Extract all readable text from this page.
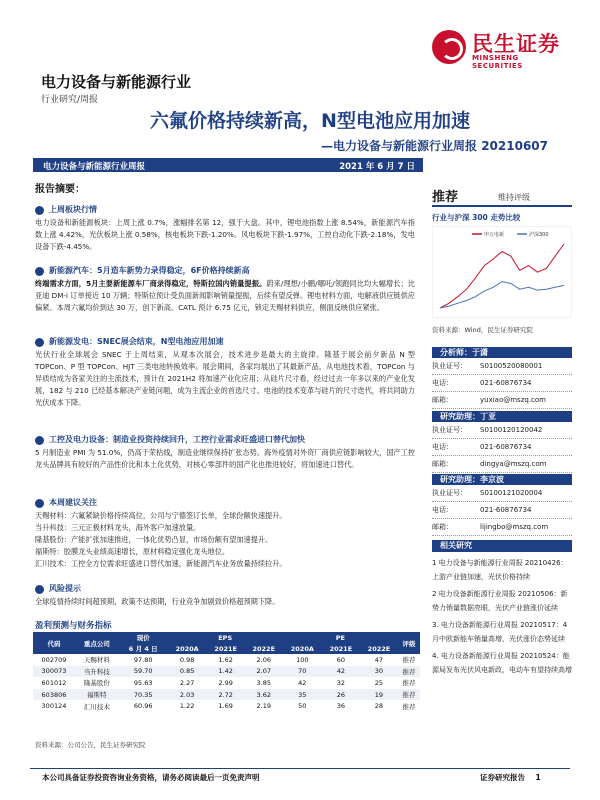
民生证券
MINSHENG SECURITIES
电力设备与新能源行业
行业研究/周报
六氟价格持续新高，N型电池应用加速
—电力设备与新能源行业周报 20210607
电力设备与新能源行业周报	2021 年 6 月 7 日
报告摘要：
上周板块行情

电力设备和新能源板块：上周上涨 0.7%，涨幅排名第 12，强于大盘。其中，锂电池指数上涨 8.54%，新能源汽车指数上涨 4.42%，光伏板块上涨 0.58%，核电板块下跌-1.20%。风电板块下跌-1.97%，工控自动化下跌-2.18%，发电设备下跌-4.45%。

新能源汽车：5月造车新势力录得稳定，6F价格持续新高

终端需求方面，5月主要新能源车厂商录得稳定，特斯拉国内销量提振。蔚来/理想/小鹏/哪吒/领跑同比均大幅增长；比亚迪 DM-i 订单接近 10 万辆；特斯拉预计受负面新闻影响销量提振，后续有望反弹。锂电材料方面，电解液供应链供应偏紧。本周六氟均价到达 30 万，创下新高。CATL 预计 6.75 亿元，锁定天赐材料供应，侧面反映供应紧张。

新能源发电：SNEC展会结束，N型电池应用加速

光伏行业全球展会 SNEC 于上周结束，从观本次展会，技术进步是最大的主旋律。隆基于展会前夕新品 N 型 TOPCon、P 型 TOPCon、HJT 三类电池转换效率。展会期间，各家均展出了其最新产品，从电池技术看，TOPCon 与异质结成为各家关注的主流技术，预计在 2021H2 将加速产业化应用；从硅片尺寸看，经过过去一年多以来的产业化发展，182 与 210 已经基本解决产业链问题，成为主流企业的首选尺寸。电池的技术变革与硅片的尺寸迭代，将共同助力光伏成本下降。

工控及电力设备：制造业投资持续回升，工控行业需求旺盛进口替代加快

5 月制造业 PMI 为 51.0%，仍高于荣枯线，制造业继续保持扩张态势。海外疫情对外资厂商供应链影响较大，国产工控龙头品牌具有较好的产品性价比和本土化优势，对核心零部件的国产化也推进较好，将加速进口替代。

本周建议关注

天赐材料：六氟紧缺价格持续高位，公司与宁德签订长单，全球份额快速提升。

当升科技：三元正极材料龙头，海外客户加速放量。

隆基股份：产能扩张加速推进，一体化优势凸显，市场份额有望加速提升。

福斯特：胶膜龙头业绩高速增长，原材料稳定强化龙头地位。

汇川技术：工控全方位需求旺盛进口替代加速，新能源汽车业务放量持续拉升。

风险提示

全球疫情持续时间超预期，政策不达预期，行业竞争加剧致价格超预期下降。

盈利预测与财务指标
代码	重点公司	现价	EPS			PE			评级
		6 月 4 日	2020A	2021E	2022E	2020A	2021E	2022E	
002709	天赐材料	97.80	0.98	1.62	2.06	100	60	47	推荐
300073	当升科技	59.70	0.85	1.42	2.07	70	42	30	推荐
601012	隆基股份	95.63	2.27	2.99	3.85	42	32	25	推荐
603806	福斯特	70.35	2.03	2.72	3.62	35	26	19	推荐
300124	汇川技术	60.96	1.22	1.69	2.19	50	36	28	推荐
资料来源：公司公告，民生证券研究院
推荐	维持评级
行业与沪深 300 走势比较
申万电新	沪深300
资料来源：Wind，民生证券研究院
分析师：于潇
执业证号：	S0100520080001
电话：	021-60876734
邮箱：	yuxiao@mszq.com
研究助理：丁亚
执业证号：	S0100120120042
电话：	021-60876734
邮箱：	dingya@mszq.com
研究助理：李京波
执业证号：	S0100121020004
电话：	021-60876734
邮箱：	lijingbo@mszq.com
相关研究

1 电力设备与新能源行业周报 20210426：上游产业链加速，光伏价格持续

2 电力设备新能源行业周报 20210506：新势力销量数据亮眼，光伏产业链涨价延续

3. 电力设备新能源行业周报 20210517：4 月中欧新能车销量高增，光伏涨价态势延续

4. 电力设备新能源行业周报 20210524：能源局发布光伏风电新政，电动车有望持续高增

本公司具备证券投资咨询业务资格，请务必阅读最后一页免责声明	证券研究报告 1
